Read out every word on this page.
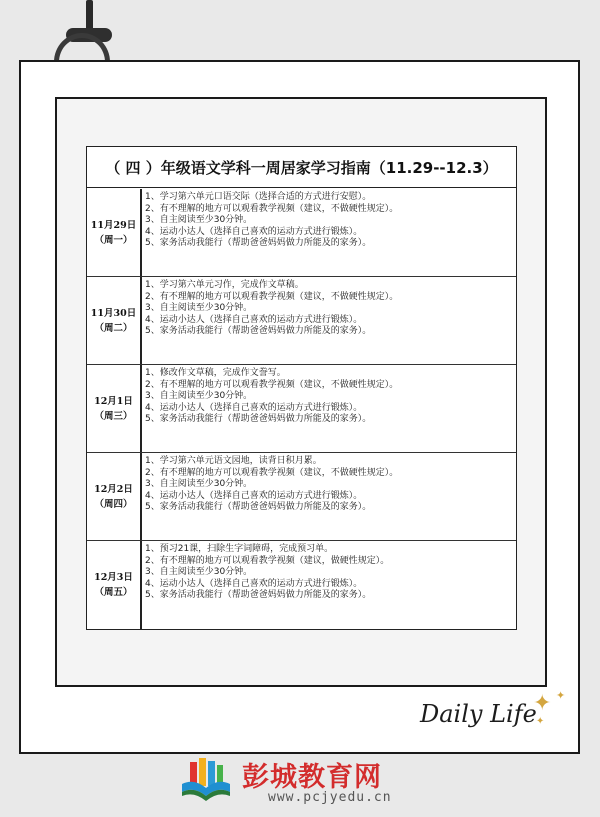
（ 四 ）年级语文学科一周居家学习指南（11.29--12.3）
11月29日
（周一）
1、学习第六单元口语交际（选择合适的方式进行安慰）。
2、有不理解的地方可以观看教学视频（建议，不做硬性规定）。
3、自主阅读至少30分钟。
4、运动小达人（选择自己喜欢的运动方式进行锻炼）。
5、家务活动我能行（帮助爸爸妈妈做力所能及的家务）。
11月30日
（周二）
1、学习第六单元习作，完成作文草稿。
2、有不理解的地方可以观看教学视频（建议，不做硬性规定）。
3、自主阅读至少30分钟。
4、运动小达人（选择自己喜欢的运动方式进行锻炼）。
5、家务活动我能行（帮助爸爸妈妈做力所能及的家务）。
12月1日
（周三）
1、修改作文草稿，完成作文誊写。
2、有不理解的地方可以观看教学视频（建议，不做硬性规定）。
3、自主阅读至少30分钟。
4、运动小达人（选择自己喜欢的运动方式进行锻炼）。
5、家务活动我能行（帮助爸爸妈妈做力所能及的家务）。
12月2日
（周四）
1、学习第六单元语文园地，读背日积月累。
2、有不理解的地方可以观看教学视频（建议，不做硬性规定）。
3、自主阅读至少30分钟。
4、运动小达人（选择自己喜欢的运动方式进行锻炼）。
5、家务活动我能行（帮助爸爸妈妈做力所能及的家务）。
12月3日
（周五）
1、预习21课，扫除生字词障碍，完成预习单。
2、有不理解的地方可以观看教学视频（建议，做硬性规定）。
3、自主阅读至少30分钟。
4、运动小达人（选择自己喜欢的运动方式进行锻炼）。
5、家务活动我能行（帮助爸爸妈妈做力所能及的家务）。
Daily Life
✦ ✦
✦
彭城教育网
www.pcjyedu.cn
